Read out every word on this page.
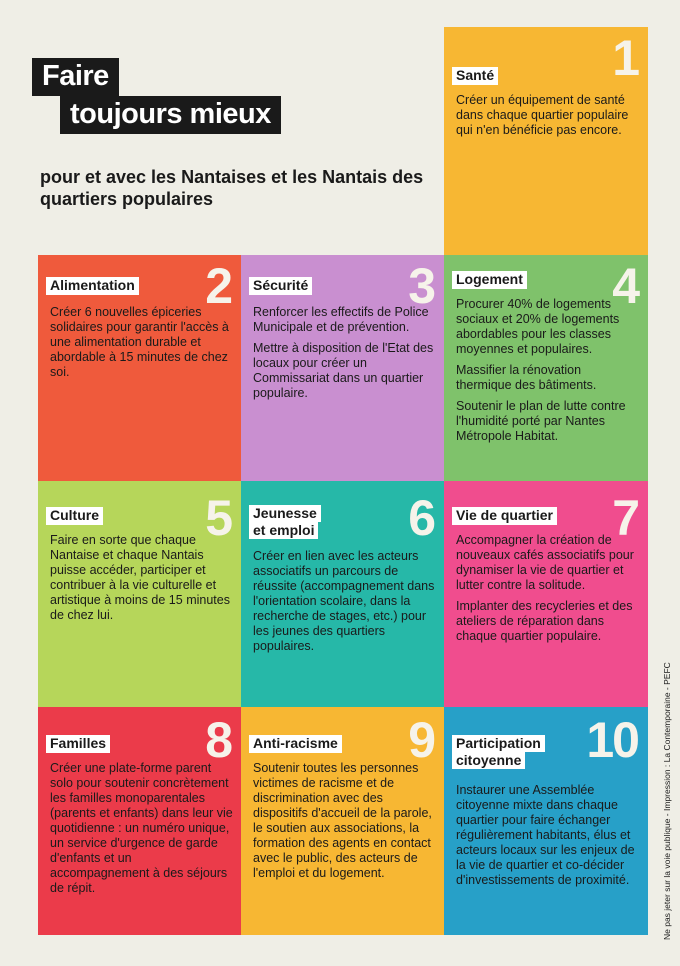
Faire
toujours mieux
pour et avec les Nantaises et les Nantais des quartiers populaires
1
Santé

Créer un équipement de santé dans chaque quartier populaire qui n'en bénéficie pas encore.

2
Alimentation

Créer 6 nouvelles épiceries solidaires pour garantir l'accès à une alimentation durable et abordable à 15 minutes de chez soi.

3
Sécurité

Renforcer les effectifs de Police Municipale et de prévention.

Mettre à disposition de l'Etat des locaux pour créer un Commissariat dans un quartier populaire.

4
Logement

Procurer 40% de logements sociaux et 20% de logements abordables pour les classes moyennes et populaires.

Massifier la rénovation thermique des bâtiments.

Soutenir le plan de lutte contre l'humidité porté par Nantes Métropole Habitat.

5
Culture

Faire en sorte que chaque Nantaise et chaque Nantais puisse accéder, participer et contribuer à la vie culturelle et artistique à moins de 15 minutes de chez lui.

6
Jeunesse
et emploi

Créer en lien avec les acteurs associatifs un parcours de réussite (accompagnement dans l'orientation scolaire, dans la recherche de stages, etc.) pour les jeunes des quartiers populaires.

7
Vie de quartier

Accompagner la création de nouveaux cafés associatifs pour dynamiser la vie de quartier et lutter contre la solitude.

Implanter des recycleries et des ateliers de réparation dans chaque quartier populaire.

8
Familles

Créer une plate-forme parent solo pour soutenir concrètement les familles monoparentales (parents et enfants) dans leur vie quotidienne : un numéro unique, un service d'urgence de garde d'enfants et un accompagnement à des séjours de répit.

9
Anti-racisme

Soutenir toutes les personnes victimes de racisme et de discrimination avec des dispositifs d'accueil de la parole, le soutien aux associations, la formation des agents en contact avec le public, des acteurs de l'emploi et du logement.

10
Participation
citoyenne

Instaurer une Assemblée citoyenne mixte dans chaque quartier pour faire échanger régulièrement habitants, élus et acteurs locaux sur les enjeux de la vie de quartier et co-décider d'investissements de proximité.	Ne pas jeter sur la voie publique - Impression : La Contemporaine - PEFC
